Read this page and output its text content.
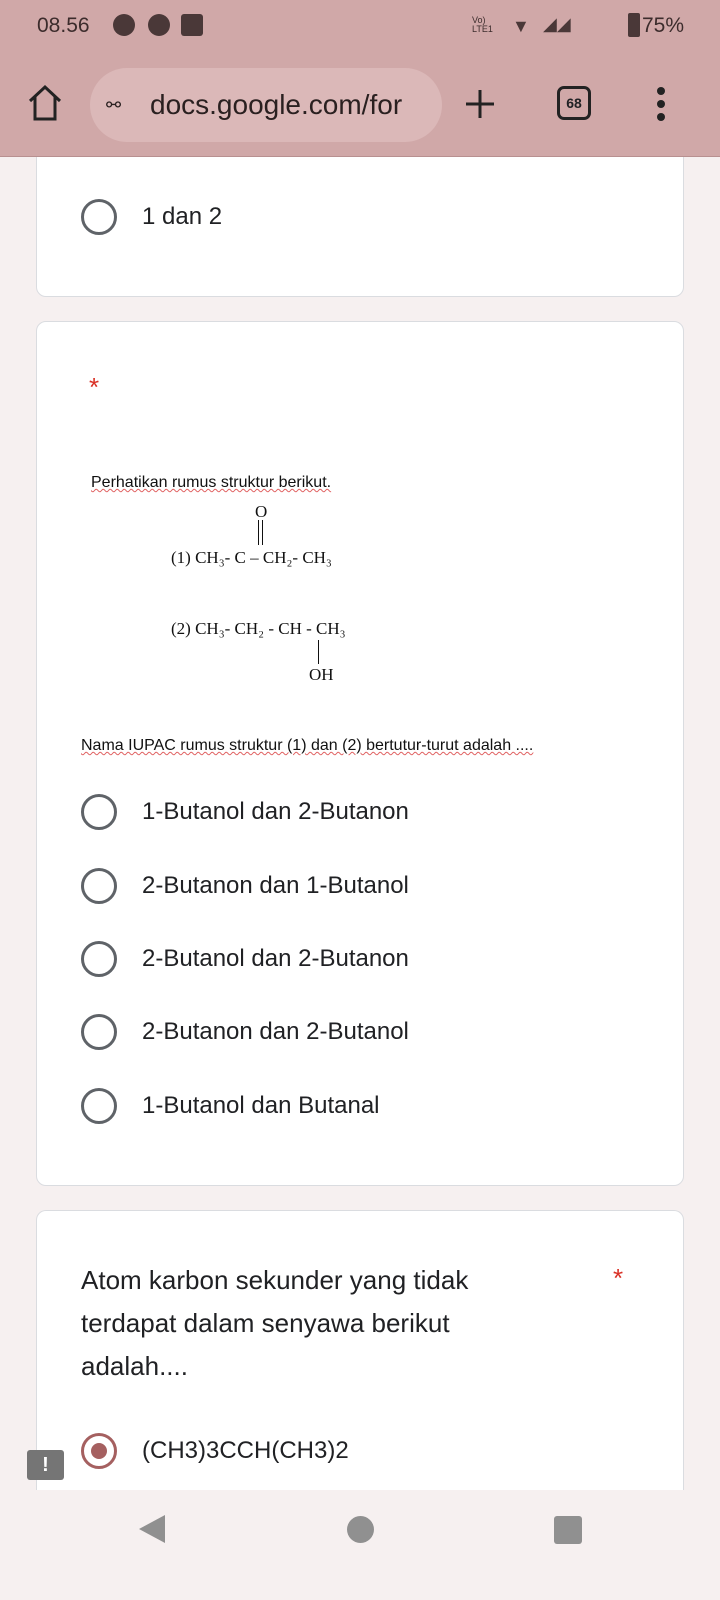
08.56	Vo) LTE1 ▼ ◢◢	75%
⚯ docs.google.com/for	68
1 dan 2
*
Perhatikan rumus struktur berikut.
O
(1) CH₃- C – CH₂- CH₃
(2) CH₃- CH₂ - CH - CH₃
OH
Nama IUPAC rumus struktur (1) dan (2) bertutur-turut adalah ....
1-Butanol dan 2-Butanon
2-Butanon dan 1-Butanol
2-Butanol dan 2-Butanon
2-Butanon dan 2-Butanol
1-Butanol dan Butanal
Atom karbon sekunder yang tidak terdapat dalam senyawa berikut adalah....
*
(CH3)3CCH(CH3)2
!
